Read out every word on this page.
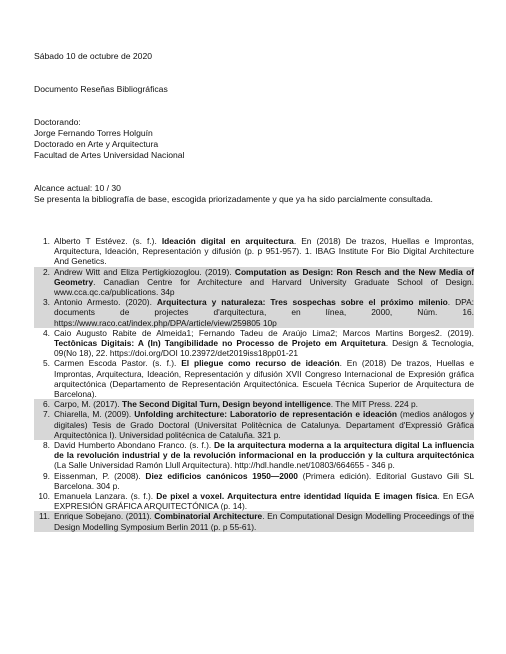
Sábado 10 de octubre de 2020
Documento Reseñas Bibliográficas
Doctorando:
Jorge Fernando Torres Holguín
Doctorado en Arte y Arquitectura
Facultad de Artes Universidad Nacional
Alcance actual: 10 / 30
Se presenta la bibliografía de base, escogida priorizadamente y que ya ha sido parcialmente consultada.
1. Alberto T Estévez. (s. f.). Ideación digital en arquitectura. En (2018) De trazos, Huellas e Improntas, Arquitectura, Ideación, Representación y difusión (p. p 951-957). 1. IBAG Institute For Bio Digital Architecture And Genetics.
2. Andrew Witt and Eliza Pertigkiozoglou. (2019). Computation as Design: Ron Resch and the New Media of Geometry. Canadian Centre for Architecture and Harvard University Graduate School of Design. www.cca.qc.ca/publications. 34p
3. Antonio Armesto. (2020). Arquitectura y naturaleza: Tres sospechas sobre el próximo milenio. DPA: documents de projectes d'arquitectura, en línea, 2000, Núm. 16. https://www.raco.cat/index.php/DPA/article/view/259805 10p
4. Caio Augusto Rabite de Almeida1; Fernando Tadeu de Araújo Lima2; Marcos Martins Borges2. (2019). Tectônicas Digitais: A (In) Tangibilidade no Processo de Projeto em Arquitetura. Design & Tecnologia, 09(No 18), 22. https://doi.org/DOI 10.23972/det2019iss18pp01-21
5. Carmen Escoda Pastor. (s. f.). El pliegue como recurso de ideación. En (2018) De trazos, Huellas e Improntas, Arquitectura, Ideación, Representación y difusión XVII Congreso Internacional de Expresión gráfica arquitectónica (Departamento de Representación Arquitectónica. Escuela Técnica Superior de Arquitectura de Barcelona).
6. Carpo, M. (2017). The Second Digital Turn, Design beyond intelligence. The MIT Press. 224 p.
7. Chiarella, M. (2009). Unfolding architecture: Laboratorio de representación e ideación (medios análogos y digitales) Tesis de Grado Doctoral (Universitat Politècnica de Catalunya. Departament d'Expressió Gràfica Arquitectònica I). Universidad politécnica de Cataluña. 321 p.
8. David Humberto Abondano Franco. (s. f.). De la arquitectura moderna a la arquitectura digital La influencia de la revolución industrial y de la revolución informacional en la producción y la cultura arquitectónica (La Salle Universidad Ramón Llull Arquitectura). http://hdl.handle.net/10803/664655 - 346 p.
9. Eissenman, P. (2008). Diez edificios canónicos 1950—2000 (Primera edición). Editorial Gustavo Gili SL Barcelona. 304 p.
10. Emanuela Lanzara. (s. f.). De pixel a voxel. Arquitectura entre identidad líquida E imagen física. En EGA EXPRESIÓN GRÁFICA ARQUITECTÓNICA (p. 14).
11. Enrique Sobejano. (2011). Combinatorial Architecture. En Computational Design Modelling Proceedings of the Design Modelling Symposium Berlin 2011 (p. p 55-61).
